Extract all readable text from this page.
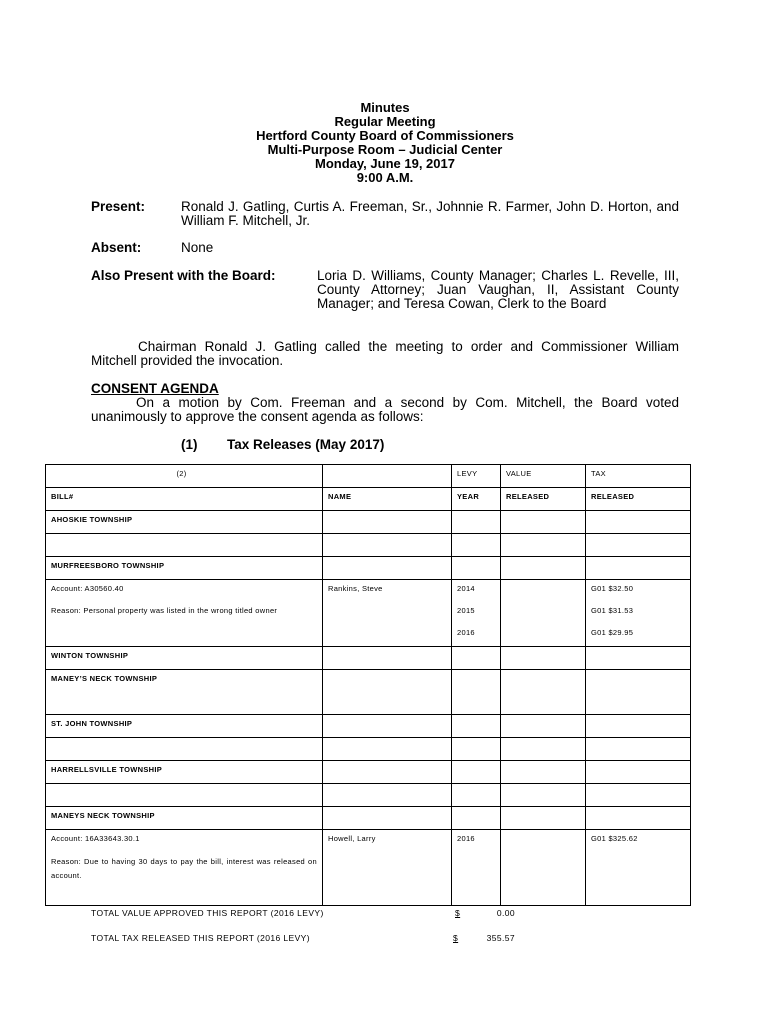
Minutes
Regular Meeting
Hertford County Board of Commissioners
Multi-Purpose Room – Judicial Center
Monday, June 19, 2017
9:00 A.M.
Present:	Ronald J. Gatling, Curtis A. Freeman, Sr., Johnnie R. Farmer, John D. Horton, and William F. Mitchell, Jr.
Absent:	None
Also Present with the Board:	Loria D. Williams, County Manager; Charles L. Revelle, III, County Attorney; Juan Vaughan, II, Assistant County Manager; and Teresa Cowan, Clerk to the Board
Chairman Ronald J. Gatling called the meeting to order and Commissioner William Mitchell provided the invocation.
CONSENT AGENDA
On a motion by Com. Freeman and a second by Com. Mitchell, the Board voted unanimously to approve the consent agenda as follows:
(1) Tax Releases (May 2017)
(2)		LEVY	VALUE	TAX
BILL#	NAME	YEAR	RELEASED	RELEASED
AHOSKIE TOWNSHIP				

MURFREESBORO TOWNSHIP				
Account: A30560.40	Rankins, Steve	2014		G01 $32.50
Reason: Personal property was listed in the wrong titled owner		2015		G01 $31.53
		2016		G01 $29.95
WINTON TOWNSHIP				
MANEY’S NECK TOWNSHIP				
ST. JOHN TOWNSHIP				

HARRELLSVILLE TOWNSHIP				

MANEYS NECK TOWNSHIP				
Account: 16A33643.30.1	Howell, Larry	2016		G01 $325.62
Reason: Due to having 30 days to pay the bill, interest was released on account.				
TOTAL VALUE APPROVED THIS REPORT (2016 LEVY)	$	0.00
TOTAL TAX RELEASED THIS REPORT (2016 LEVY)	$	355.57
